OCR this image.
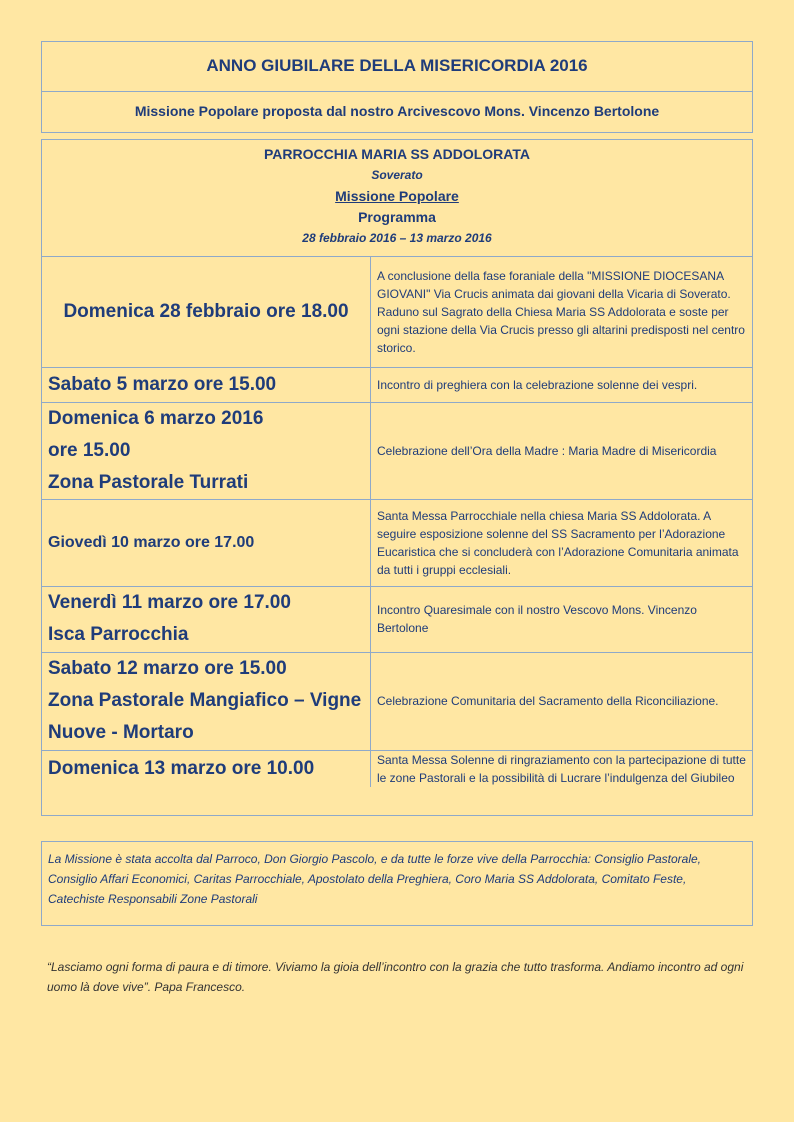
ANNO GIUBILARE DELLA MISERICORDIA 2016
Missione Popolare proposta dal nostro Arcivescovo Mons. Vincenzo Bertolone
PARROCCHIA MARIA SS ADDOLORATA
Soverato
Missione Popolare
Programma
28 febbraio 2016 – 13 marzo 2016
Domenica 28 febbraio ore 18.00	A conclusione della fase foraniale della "MISSIONE DIOCESANA GIOVANI" Via Crucis animata dai giovani della Vicaria di Soverato. Raduno sul Sagrato della Chiesa Maria SS Addolorata e soste per ogni stazione della Via Crucis presso gli altarini predisposti nel centro storico.

Sabato 5 marzo ore 15.00	Incontro di preghiera con la celebrazione solenne dei vespri.

Domenica 6 marzo 2016
ore 15.00
Zona Pastorale Turrati	Celebrazione dell’Ora della Madre : Maria Madre di Misericordia

Giovedì 10 marzo ore 17.00	Santa Messa Parrocchiale nella chiesa Maria SS Addolorata. A seguire esposizione solenne del SS Sacramento per l’Adorazione Eucaristica che si concluderà con l’Adorazione Comunitaria animata da tutti i gruppi ecclesiali.

Venerdì 11 marzo ore 17.00
Isca Parrocchia	Incontro Quaresimale con il nostro Vescovo Mons. Vincenzo Bertolone

Sabato 12 marzo ore 15.00
Zona Pastorale Mangiafico – Vigne Nuove - Mortaro	Celebrazione Comunitaria del Sacramento della Riconciliazione.

Domenica 13 marzo ore 10.00	Santa Messa Solenne di ringraziamento con la partecipazione di tutte le zone Pastorali e la possibilità di Lucrare l’indulgenza del Giubileo
La Missione è stata accolta dal Parroco, Don Giorgio Pascolo, e da tutte le forze vive della Parrocchia: Consiglio Pastorale, Consiglio Affari Economici, Caritas Parrocchiale, Apostolato della Preghiera, Coro Maria SS Addolorata, Comitato Feste, Catechiste Responsabili Zone Pastorali
“Lasciamo ogni forma di paura e di timore. Viviamo la gioia dell’incontro con la grazia che tutto trasforma. Andiamo incontro ad ogni uomo là dove vive”. Papa Francesco.
